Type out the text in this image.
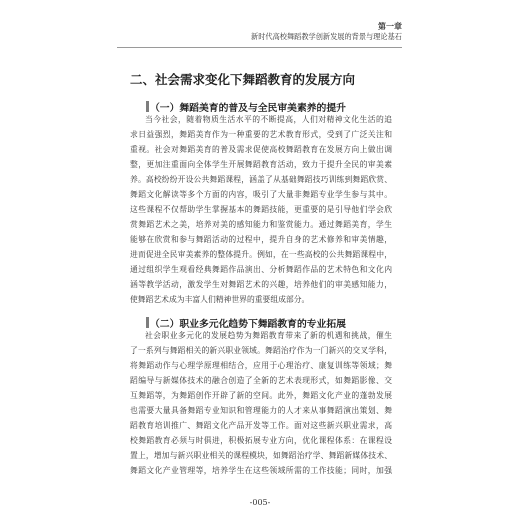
第一章
新时代高校舞蹈教学创新发展的背景与理论基石
二、社会需求变化下舞蹈教育的发展方向
（一）舞蹈美育的普及与全民审美素养的提升
当今社会，随着物质生活水平的不断提高，人们对精神文化生活的追
求日益强烈，舞蹈美育作为一种重要的艺术教育形式，受到了广泛关注和
重视。社会对舞蹈美育的普及需求促使高校舞蹈教育在发展方向上做出调
整，更加注重面向全体学生开展舞蹈教育活动，致力于提升全民的审美素
养。高校纷纷开设公共舞蹈课程，涵盖了从基础舞蹈技巧训练到舞蹈欣赏、
舞蹈文化解读等多个方面的内容，吸引了大量非舞蹈专业学生参与其中。
这些课程不仅帮助学生掌握基本的舞蹈技能，更重要的是引导他们学会欣
赏舞蹈艺术之美，培养对美的感知能力和鉴赏能力。通过舞蹈美育，学生
能够在欣赏和参与舞蹈活动的过程中，提升自身的艺术修养和审美情趣，
进而促进全民审美素养的整体提升。例如，在一些高校的公共舞蹈课程中，
通过组织学生观看经典舞蹈作品演出、分析舞蹈作品的艺术特色和文化内
涵等教学活动，激发学生对舞蹈艺术的兴趣，培养他们的审美感知能力，
使舞蹈艺术成为丰富人们精神世界的重要组成部分。
（二）职业多元化趋势下舞蹈教育的专业拓展
社会职业多元化的发展趋势为舞蹈教育带来了新的机遇和挑战，催生
了一系列与舞蹈相关的新兴职业领域。舞蹈治疗作为一门新兴的交叉学科，
将舞蹈动作与心理学原理相结合，应用于心理治疗、康复训练等领域；舞
蹈编导与新媒体技术的融合创造了全新的艺术表现形式，如舞蹈影像、交
互舞蹈等，为舞蹈创作开辟了新的空间。此外，舞蹈文化产业的蓬勃发展
也需要大量具备舞蹈专业知识和管理能力的人才来从事舞蹈演出策划、舞
蹈教育培训推广、舞蹈文化产品开发等工作。面对这些新兴职业需求，高
校舞蹈教育必须与时俱进，积极拓展专业方向，优化课程体系：在课程设
置上，增加与新兴职业相关的课程模块，如舞蹈治疗学、舞蹈新媒体技术、
舞蹈文化产业管理等，培养学生在这些领域所需的工作技能；同时，加强
-005-
